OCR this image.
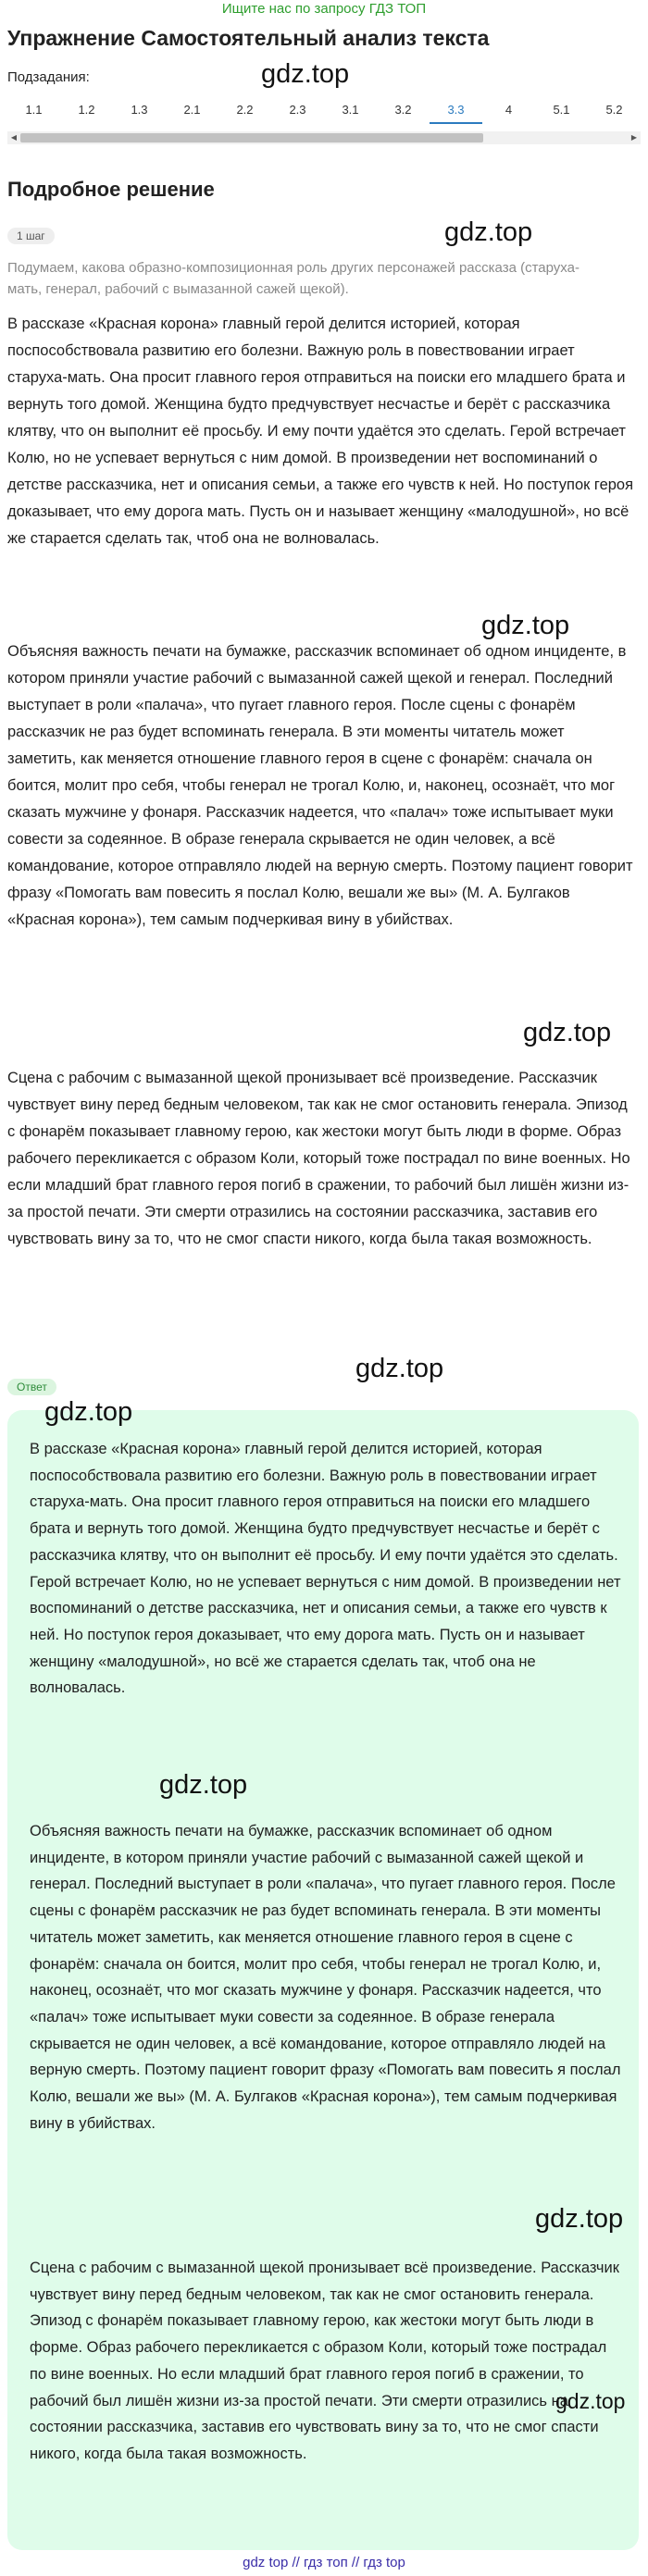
Ищите нас по запросу ГДЗ ТОП
Упражнение Самостоятельный анализ текста
Подзадания:
1.1	1.2	1.3	2.1	2.2	2.3	3.1	3.2	3.3	4	5.1	5.2
◀	▶
Подробное решение
1 шаг
Подумаем, какова образно-композиционная роль других персонажей рассказа (старуха-мать, генерал, рабочий с вымазанной сажей щекой).
В рассказе «Красная корона» главный герой делится историей, которая поспособствовала развитию его болезни. Важную роль в повествовании играет старуха-мать. Она просит главного героя отправиться на поиски его младшего брата и вернуть того домой. Женщина будто предчувствует несчастье и берёт с рассказчика клятву, что он выполнит её просьбу. И ему почти удаётся это сделать. Герой встречает Колю, но не успевает вернуться с ним домой. В произведении нет воспоминаний о детстве рассказчика, нет и описания семьи, а также его чувств к ней. Но поступок героя доказывает, что ему дорога мать. Пусть он и называет женщину «малодушной», но всё же старается сделать так, чтоб она не волновалась.
Объясняя важность печати на бумажке, рассказчик вспоминает об одном инциденте, в котором приняли участие рабочий с вымазанной сажей щекой и генерал. Последний выступает в роли «палача», что пугает главного героя. После сцены с фонарём рассказчик не раз будет вспоминать генерала. В эти моменты читатель может заметить, как меняется отношение главного героя в сцене с фонарём: сначала он боится, молит про себя, чтобы генерал не трогал Колю, и, наконец, осознаёт, что мог сказать мужчине у фонаря. Рассказчик надеется, что «палач» тоже испытывает муки совести за содеянное. В образе генерала скрывается не один человек, а всё командование, которое отправляло людей на верную смерть. Поэтому пациент говорит фразу «Помогать вам повесить я послал Колю, вешали же вы» (М. А. Булгаков «Красная корона»), тем самым подчеркивая вину в убийствах.
Сцена с рабочим с вымазанной щекой пронизывает всё произведение. Рассказчик чувствует вину перед бедным человеком, так как не смог остановить генерала. Эпизод с фонарём показывает главному герою, как жестоки могут быть люди в форме. Образ рабочего перекликается с образом Коли, который тоже пострадал по вине военных. Но если младший брат главного героя погиб в сражении, то рабочий был лишён жизни из-за простой печати. Эти смерти отразились на состоянии рассказчика, заставив его чувствовать вину за то, что не смог спасти никого, когда была такая возможность.
Ответ
В рассказе «Красная корона» главный герой делится историей, которая поспособствовала развитию его болезни. Важную роль в повествовании играет старуха-мать. Она просит главного героя отправиться на поиски его младшего брата и вернуть того домой. Женщина будто предчувствует несчастье и берёт с рассказчика клятву, что он выполнит её просьбу. И ему почти удаётся это сделать. Герой встречает Колю, но не успевает вернуться с ним домой. В произведении нет воспоминаний о детстве рассказчика, нет и описания семьи, а также его чувств к ней. Но поступок героя доказывает, что ему дорога мать. Пусть он и называет женщину «малодушной», но всё же старается сделать так, чтоб она не волновалась.
Объясняя важность печати на бумажке, рассказчик вспоминает об одном инциденте, в котором приняли участие рабочий с вымазанной сажей щекой и генерал. Последний выступает в роли «палача», что пугает главного героя. После сцены с фонарём рассказчик не раз будет вспоминать генерала. В эти моменты читатель может заметить, как меняется отношение главного героя в сцене с фонарём: сначала он боится, молит про себя, чтобы генерал не трогал Колю, и, наконец, осознаёт, что мог сказать мужчине у фонаря. Рассказчик надеется, что «палач» тоже испытывает муки совести за содеянное. В образе генерала скрывается не один человек, а всё командование, которое отправляло людей на верную смерть. Поэтому пациент говорит фразу «Помогать вам повесить я послал Колю, вешали же вы» (М. А. Булгаков «Красная корона»), тем самым подчеркивая вину в убийствах.
Сцена с рабочим с вымазанной щекой пронизывает всё произведение. Рассказчик чувствует вину перед бедным человеком, так как не смог остановить генерала. Эпизод с фонарём показывает главному герою, как жестоки могут быть люди в форме. Образ рабочего перекликается с образом Коли, который тоже пострадал по вине военных. Но если младший брат главного героя погиб в сражении, то рабочий был лишён жизни из-за простой печати. Эти смерти отразились на состоянии рассказчика, заставив его чувствовать вину за то, что не смог спасти никого, когда была такая возможность.
gdz.top
gdz.top
gdz.top
gdz.top
gdz.top
gdz.top
gdz.top
gdz.top
gdz.top
gdz top // гдз топ // гдз top
